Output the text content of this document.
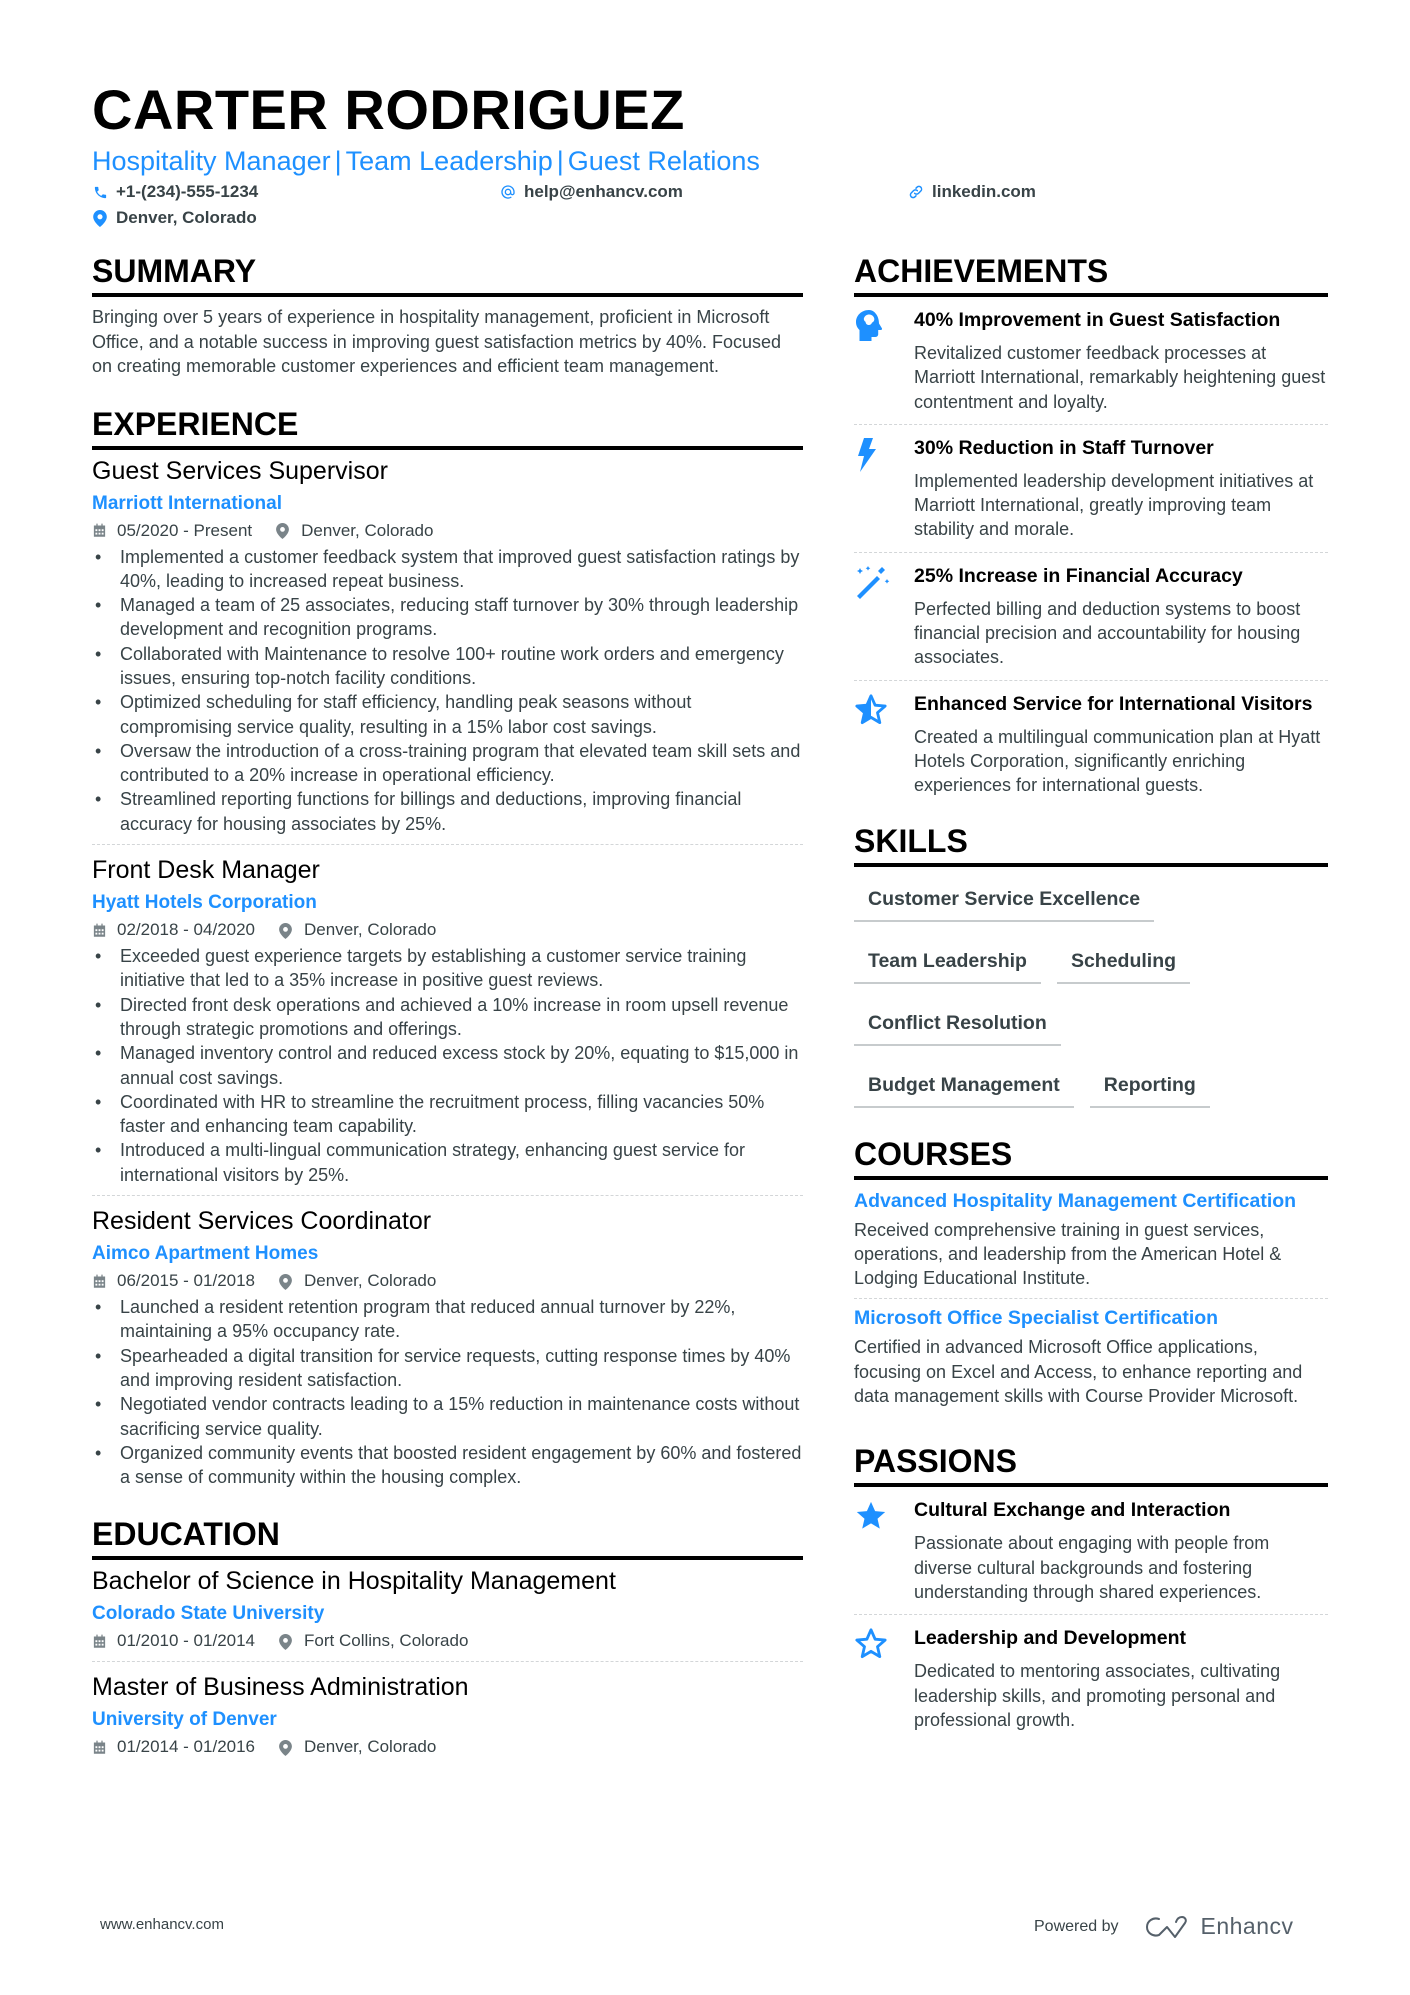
CARTER RODRIGUEZ
Hospitality Manager | Team Leadership | Guest Relations
+1-(234)-555-1234	help@enhancv.com	linkedin.com
Denver, Colorado
SUMMARY
Bringing over 5 years of experience in hospitality management, proficient in Microsoft Office, and a notable success in improving guest satisfaction metrics by 40%. Focused on creating memorable customer experiences and efficient team management.
EXPERIENCE
Guest Services Supervisor
Marriott International
05/2020 - Present	Denver, Colorado
• Implemented a customer feedback system that improved guest satisfaction ratings by 40%, leading to increased repeat business.
• Managed a team of 25 associates, reducing staff turnover by 30% through leadership development and recognition programs.
• Collaborated with Maintenance to resolve 100+ routine work orders and emergency issues, ensuring top-notch facility conditions.
• Optimized scheduling for staff efficiency, handling peak seasons without compromising service quality, resulting in a 15% labor cost savings.
• Oversaw the introduction of a cross-training program that elevated team skill sets and contributed to a 20% increase in operational efficiency.
• Streamlined reporting functions for billings and deductions, improving financial accuracy for housing associates by 25%.
Front Desk Manager
Hyatt Hotels Corporation
02/2018 - 04/2020	Denver, Colorado
• Exceeded guest experience targets by establishing a customer service training initiative that led to a 35% increase in positive guest reviews.
• Directed front desk operations and achieved a 10% increase in room upsell revenue through strategic promotions and offerings.
• Managed inventory control and reduced excess stock by 20%, equating to $15,000 in annual cost savings.
• Coordinated with HR to streamline the recruitment process, filling vacancies 50% faster and enhancing team capability.
• Introduced a multi-lingual communication strategy, enhancing guest service for international visitors by 25%.
Resident Services Coordinator
Aimco Apartment Homes
06/2015 - 01/2018	Denver, Colorado
• Launched a resident retention program that reduced annual turnover by 22%, maintaining a 95% occupancy rate.
• Spearheaded a digital transition for service requests, cutting response times by 40% and improving resident satisfaction.
• Negotiated vendor contracts leading to a 15% reduction in maintenance costs without sacrificing service quality.
• Organized community events that boosted resident engagement by 60% and fostered a sense of community within the housing complex.
EDUCATION
Bachelor of Science in Hospitality Management
Colorado State University
01/2010 - 01/2014	Fort Collins, Colorado
Master of Business Administration
University of Denver
01/2014 - 01/2016	Denver, Colorado
ACHIEVEMENTS
40% Improvement in Guest Satisfaction
Revitalized customer feedback processes at Marriott International, remarkably heightening guest contentment and loyalty.
30% Reduction in Staff Turnover
Implemented leadership development initiatives at Marriott International, greatly improving team stability and morale.
25% Increase in Financial Accuracy
Perfected billing and deduction systems to boost financial precision and accountability for housing associates.
Enhanced Service for International Visitors
Created a multilingual communication plan at Hyatt Hotels Corporation, significantly enriching experiences for international guests.
SKILLS
Customer Service Excellence
Team Leadership	Scheduling
Conflict Resolution
Budget Management	Reporting
COURSES
Advanced Hospitality Management Certification
Received comprehensive training in guest services, operations, and leadership from the American Hotel & Lodging Educational Institute.
Microsoft Office Specialist Certification
Certified in advanced Microsoft Office applications, focusing on Excel and Access, to enhance reporting and data management skills with Course Provider Microsoft.
PASSIONS
Cultural Exchange and Interaction
Passionate about engaging with people from diverse cultural backgrounds and fostering understanding through shared experiences.
Leadership and Development
Dedicated to mentoring associates, cultivating leadership skills, and promoting personal and professional growth.
www.enhancv.com	Powered by	Enhancv
